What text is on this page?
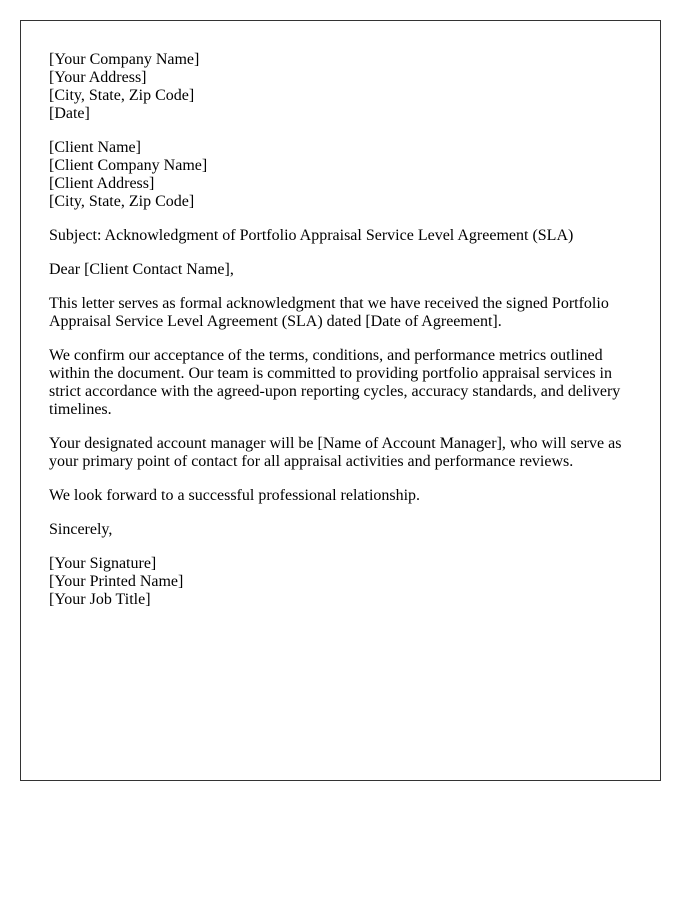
[Your Company Name]
[Your Address]
[City, State, Zip Code]
[Date]
[Client Name]
[Client Company Name]
[Client Address]
[City, State, Zip Code]

Subject: Acknowledgment of Portfolio Appraisal Service Level Agreement (SLA)

Dear [Client Contact Name],

This letter serves as formal acknowledgment that we have received the signed Portfolio Appraisal Service Level Agreement (SLA) dated [Date of Agreement].

We confirm our acceptance of the terms, conditions, and performance metrics outlined within the document. Our team is committed to providing portfolio appraisal services in strict accordance with the agreed-upon reporting cycles, accuracy standards, and delivery timelines.

Your designated account manager will be [Name of Account Manager], who will serve as your primary point of contact for all appraisal activities and performance reviews.

We look forward to a successful professional relationship.

Sincerely,

[Your Signature]
[Your Printed Name]
[Your Job Title]
